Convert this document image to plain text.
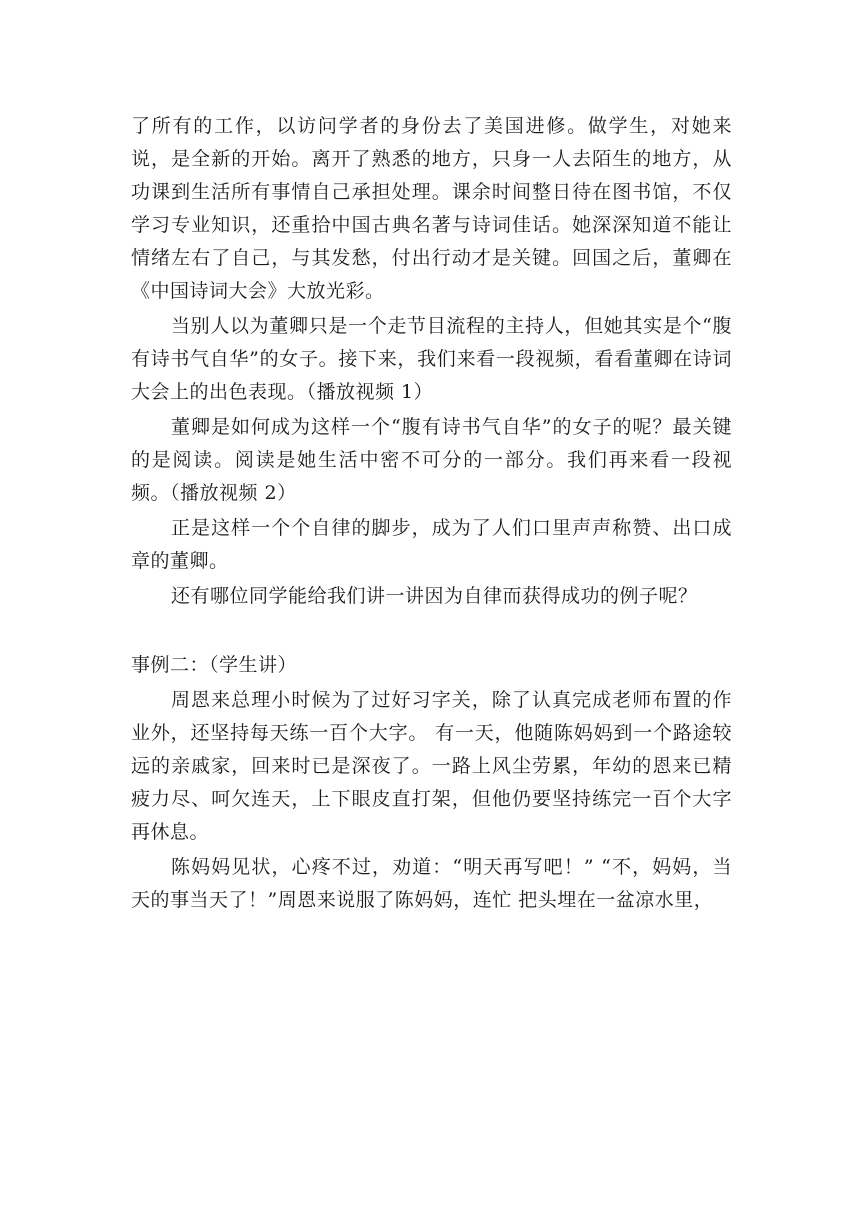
了所有的工作，以访问学者的身份去了美国进修。做学生，对她来说，是全新的开始。离开了熟悉的地方，只身一人去陌生的地方，从功课到生活所有事情自己承担处理。课余时间整日待在图书馆，不仅学习专业知识，还重拾中国古典名著与诗词佳话。她深深知道不能让情绪左右了自己，与其发愁，付出行动才是关键。回国之后，董卿在《中国诗词大会》大放光彩。

当别人以为董卿只是一个走节目流程的主持人，但她其实是个“腹有诗书气自华”的女子。接下来，我们来看一段视频，看看董卿在诗词大会上的出色表现。（播放视频 1）

董卿是如何成为这样一个“腹有诗书气自华”的女子的呢？最关键的是阅读。阅读是她生活中密不可分的一部分。我们再来看一段视频。（播放视频 2）

正是这样一个个自律的脚步，成为了人们口里声声称赞、出口成章的董卿。

还有哪位同学能给我们讲一讲因为自律而获得成功的例子呢？

事例二：（学生讲）

周恩来总理小时候为了过好习字关，除了认真完成老师布置的作业外，还坚持每天练一百个大字。 有一天，他随陈妈妈到一个路途较远的亲戚家，回来时已是深夜了。一路上风尘劳累，年幼的恩来已精疲力尽、呵欠连天，上下眼皮直打架，但他仍要坚持练完一百个大字再休息。

陈妈妈见状，心疼不过，劝道：“明天再写吧！” “不，妈妈，当天的事当天了！”周恩来说服了陈妈妈，连忙 把头埋在一盆凉水里，
